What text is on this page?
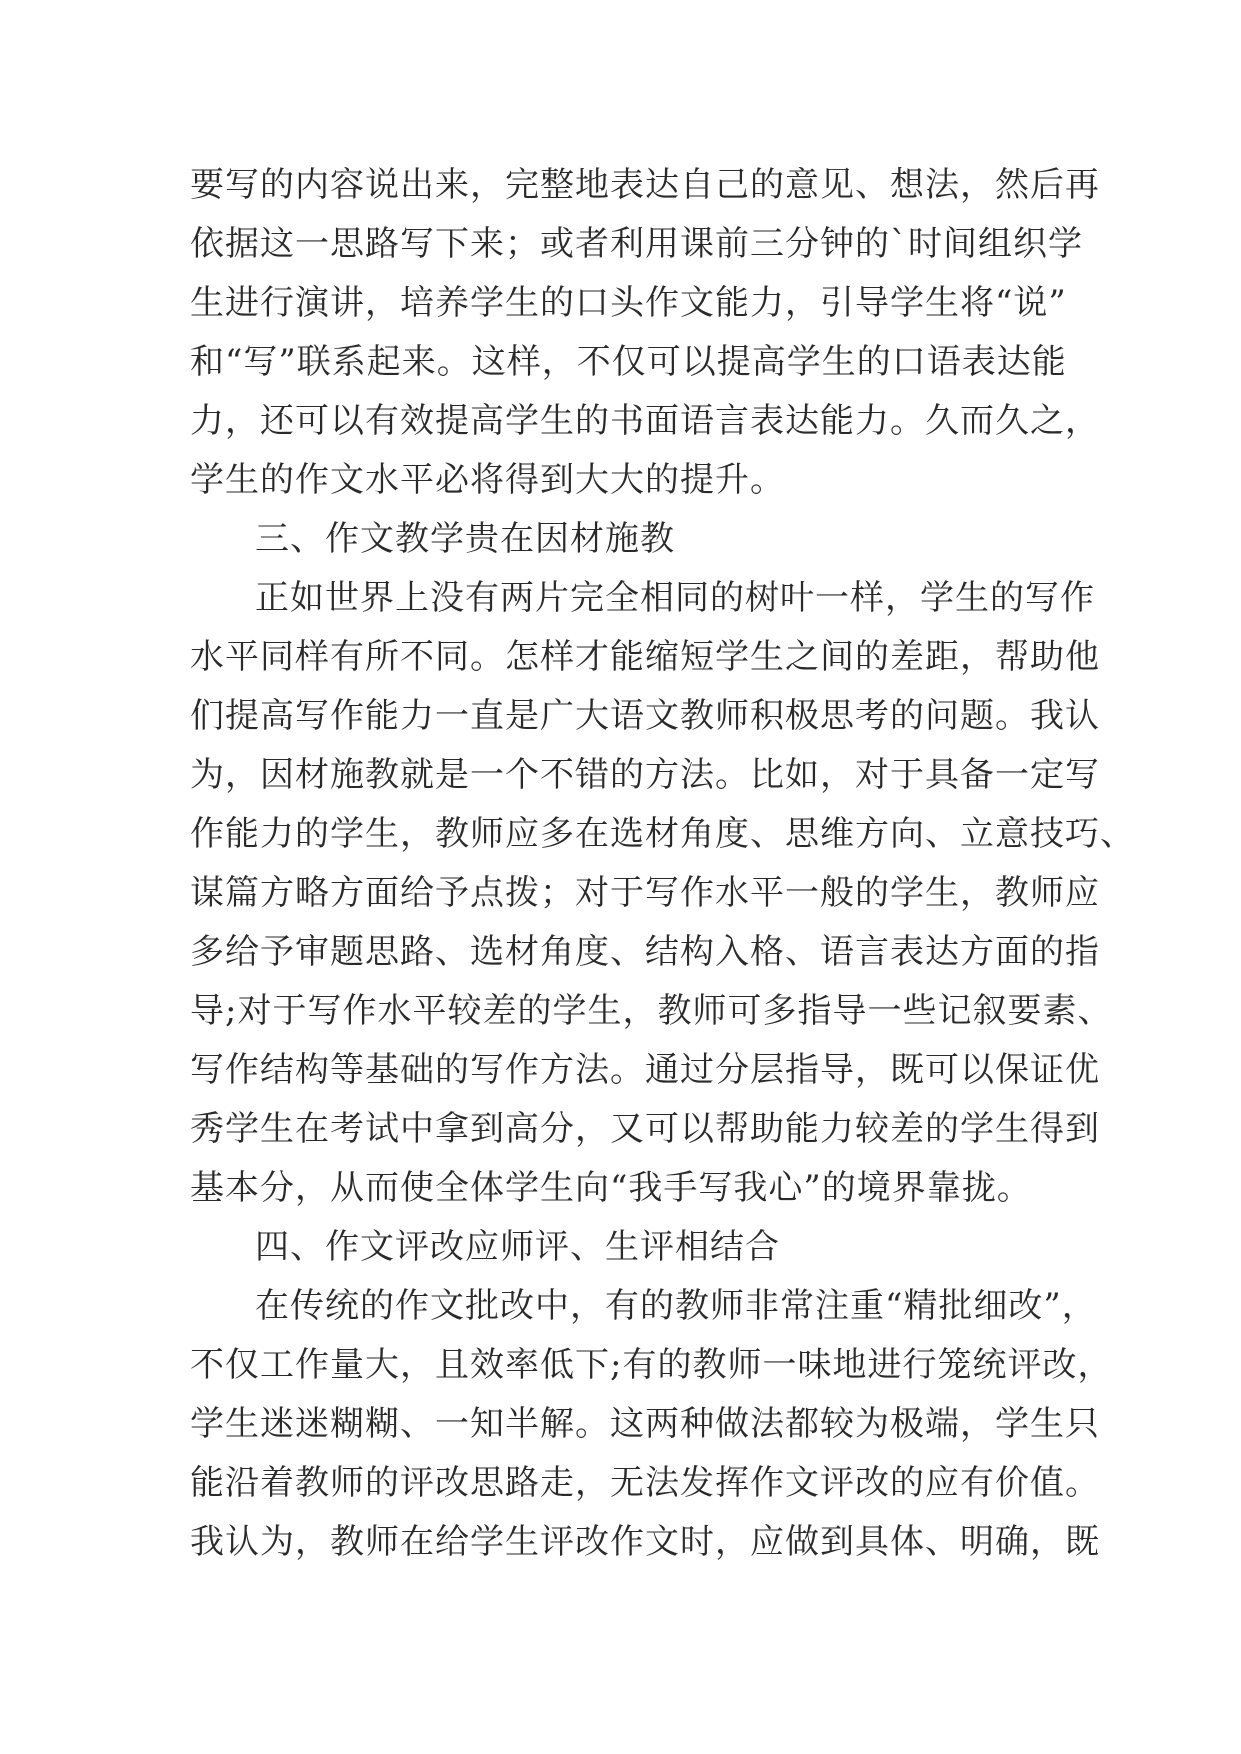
要写的内容说出来，完整地表达自己的意见、想法，然后再
依据这一思路写下来；或者利用课前三分钟的`时间组织学
生进行演讲，培养学生的口头作文能力，引导学生将“说”
和“写”联系起来。这样，不仅可以提高学生的口语表达能
力，还可以有效提高学生的书面语言表达能力。久而久之，
学生的作文水平必将得到大大的提升。
三、作文教学贵在因材施教
正如世界上没有两片完全相同的树叶一样，学生的写作
水平同样有所不同。怎样才能缩短学生之间的差距，帮助他
们提高写作能力一直是广大语文教师积极思考的问题。我认
为，因材施教就是一个不错的方法。比如，对于具备一定写
作能力的学生，教师应多在选材角度、思维方向、立意技巧、
谋篇方略方面给予点拨；对于写作水平一般的学生，教师应
多给予审题思路、选材角度、结构入格、语言表达方面的指
导;对于写作水平较差的学生，教师可多指导一些记叙要素、
写作结构等基础的写作方法。通过分层指导，既可以保证优
秀学生在考试中拿到高分，又可以帮助能力较差的学生得到
基本分，从而使全体学生向“我手写我心”的境界靠拢。
四、作文评改应师评、生评相结合
在传统的作文批改中，有的教师非常注重“精批细改”，
不仅工作量大，且效率低下;有的教师一味地进行笼统评改，
学生迷迷糊糊、一知半解。这两种做法都较为极端，学生只
能沿着教师的评改思路走，无法发挥作文评改的应有价值。
我认为，教师在给学生评改作文时，应做到具体、明确，既
